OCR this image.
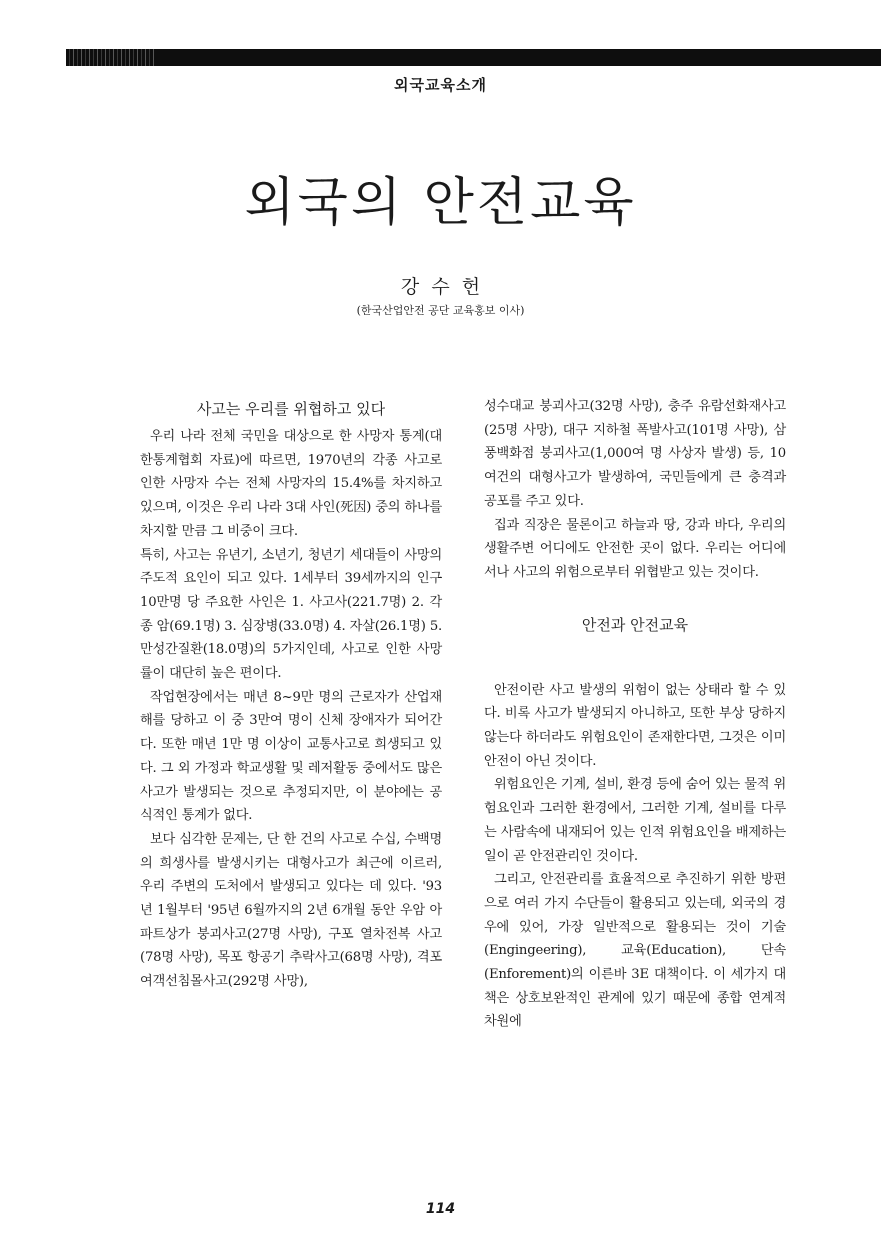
외국교육소개
외국의 안전교육
강 수 헌
(한국산업안전 공단 교육홍보 이사)
사고는 우리를 위협하고 있다

우리 나라 전체 국민을 대상으로 한 사망자 통계(대한통계협회 자료)에 따르면, 1970년의 각종 사고로 인한 사망자 수는 전체 사망자의 15.4%를 차지하고 있으며, 이것은 우리 나라 3대 사인(死因) 중의 하나를 차지할 만큼 그 비중이 크다.

특히, 사고는 유년기, 소년기, 청년기 세대들이 사망의 주도적 요인이 되고 있다. 1세부터 39세까지의 인구 10만명 당 주요한 사인은 1. 사고사(221.7명) 2. 각종 암(69.1명) 3. 심장병(33.0명) 4. 자살(26.1명) 5. 만성간질환(18.0명)의 5가지인데, 사고로 인한 사망률이 대단히 높은 편이다.

작업현장에서는 매년 8~9만 명의 근로자가 산업재해를 당하고 이 중 3만여 명이 신체 장애자가 되어간다. 또한 매년 1만 명 이상이 교통사고로 희생되고 있다. 그 외 가정과 학교생활 및 레저활동 중에서도 많은 사고가 발생되는 것으로 추정되지만, 이 분야에는 공식적인 통계가 없다.

보다 심각한 문제는, 단 한 건의 사고로 수십, 수백명의 희생사를 발생시키는 대형사고가 최근에 이르러, 우리 주변의 도처에서 발생되고 있다는 데 있다. '93년 1월부터 '95년 6월까지의 2년 6개월 동안 우암 아파트상가 붕괴사고(27명 사망), 구포 열차전복 사고(78명 사망), 목포 항공기 추락사고(68명 사망), 격포 여객선침몰사고(292명 사망),

성수대교 붕괴사고(32명 사망), 충주 유람선화재사고(25명 사망), 대구 지하철 폭발사고(101명 사망), 삼풍백화점 붕괴사고(1,000여 명 사상자 발생) 등, 10여건의 대형사고가 발생하여, 국민들에게 큰 충격과 공포를 주고 있다.

집과 직장은 물론이고 하늘과 땅, 강과 바다, 우리의 생활주변 어디에도 안전한 곳이 없다. 우리는 어디에서나 사고의 위험으로부터 위협받고 있는 것이다.

안전과 안전교육

안전이란 사고 발생의 위험이 없는 상태라 할 수 있다. 비록 사고가 발생되지 아니하고, 또한 부상 당하지 않는다 하더라도 위험요인이 존재한다면, 그것은 이미 안전이 아닌 것이다.

위험요인은 기계, 설비, 환경 등에 숨어 있는 물적 위험요인과 그러한 환경에서, 그러한 기계, 설비를 다루는 사람속에 내재되어 있는 인적 위험요인을 배제하는 일이 곧 안전관리인 것이다.

그리고, 안전관리를 효율적으로 추진하기 위한 방편으로 여러 가지 수단들이 활용되고 있는데, 외국의 경우에 있어, 가장 일반적으로 활용되는 것이 기술(Engingeering), 교육(Education), 단속(Enforement)의 이른바 3E 대책이다. 이 세가지 대책은 상호보완적인 관계에 있기 때문에 종합 연계적 차원에

114
